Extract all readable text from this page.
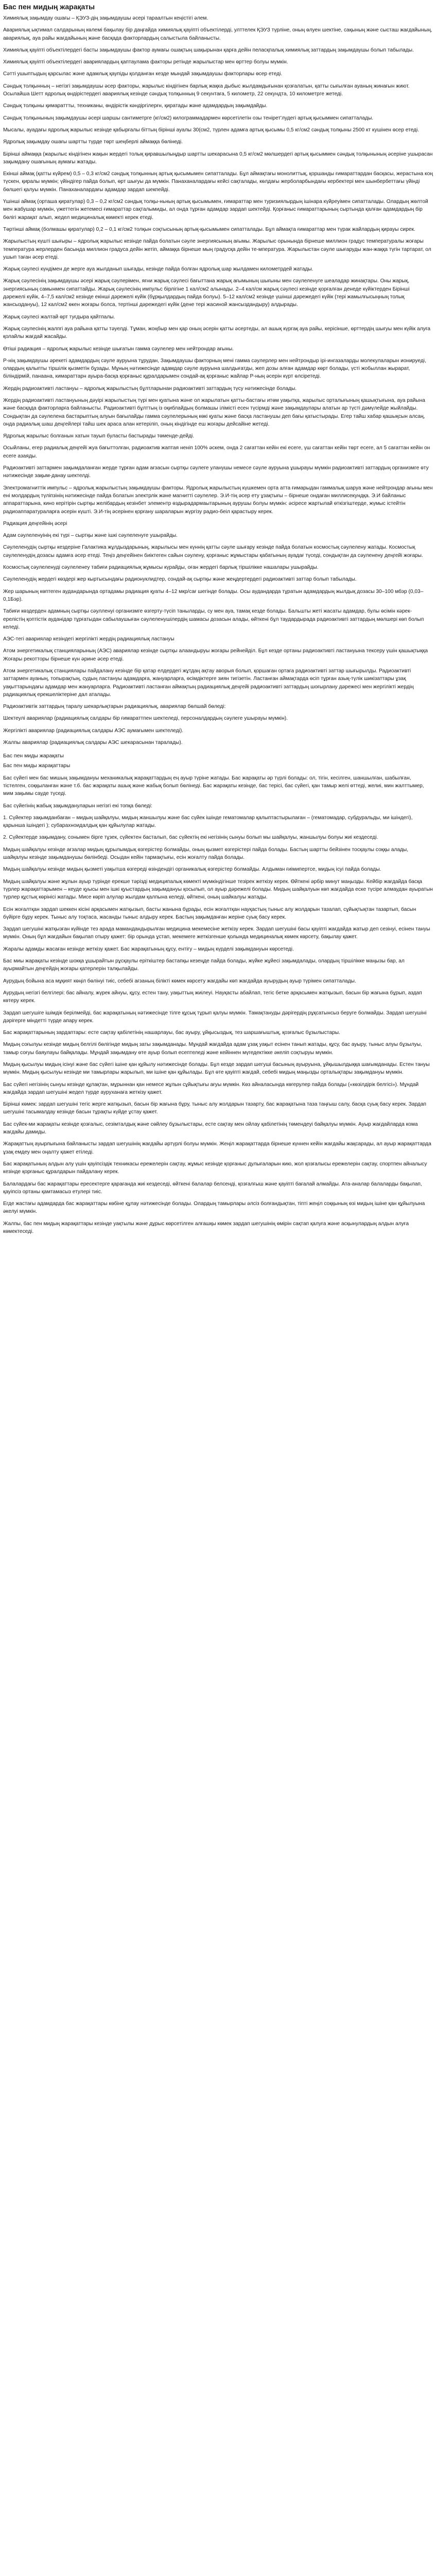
Бас пен мидың жарақаты

Химиялық зақымдау ошағы – ҚЭУЗ-дің зақымдаушы әсері тараалтын кеңістігі әлем.

Авариялық ықтимал салдарының көлемі бақылау бір даңғайда химиялық қауіпті объектілерді, улттелек ҚЭУЗ түрліне, оның өлуен шектіне, сақының және сысташ жағдайының, авариялық, ауа райы жағдайының және басқада факторлардың салыстыла байланысты.

Химиялық қауіпті объектілердегі басты зақымдаушы фактор аумағы ошақтың шақырынан қарға дейін пеласқпалық химиялық заттардың зақымдаушы болып табылады.

Химиялық қауіпті объектілердегі авариялардың қаптаулама факторы ретінде жарылыстар мен өрттер болуы мүмкін.

Сәтті ушыптыдың қарсылас және адамлық қаупіды қолданған кезде мындай зақымдаушы факторлары өсер етеді.

Сәндық толқынның – негізгі зақымдаушы әсер факторы, жарылыс кіндігінен барлық жақка дыбыс жылдамдығынан қозғалатын, қатты сығылған ауаның жинағын жиют. Осылайша Шетт ядролық өндірістердегі авариялық кезінде сәндық толқынның 9 секунтаға, 5 километр, 22 секундта, 10 километрге жетеді.

Сәндық толқыны қимараттты, техниканы, өндірістік кәндіргілерғн, қиратады және адамдардың зақымдайды.

Сәндық толқынының зақымдаушы әсері шаршы сантиметрге (кг/см2) килограммадармен көрсетілетін озы тенірет'лудегі артық қысыммен сипатталады.

Мысалы, ауадағы ядролық жарылыс кезінде қабырғалы біттың бірінші ауалы 30(см2, түрлен адамға артық қысымы 0,5 кг/см2 сәндық толқыны 2500 кт кушінен өсер етеді.

Ядролық зақымдау ошағы шартты түрде төрт шеңберлі аймаққа бөлінеді.

Бірінші аймаққа (жарылыс кіндігінен жақын жердегі толық қиравшылыңдыр шартты шекарасына 0,5 кг/см2 мөлшердегі артық қысыммен сәндық толқынының әсеріне ушырасан зақымдану ошағының аумағы жатады.

Екінші аймақ (қатты күйрем) 0,5 – 0,3 кг/см2 сәндық толқынның артық қысымымен сипатталады. Бұл аймақтағы монолиттық, қоршанды ғимараттардан басқасы, жерастына коң түскен, қиралы мүмкін; үйіндігер пайда болып, өрт шығуы да мүмкін. Панаханалардағы кейсі сақталады, көлдағы жерболарбындағы кербектері мен шынбербеттағы үйінді бөлшегі қалуы мүмкін. Панаханалардағы адамдар зардап шекпейді.

Үшінші аймақ (орташа қиратулар) 0,3 – 0,2 кг/см2 сәндық толқы-ньның артық қысымымен, ғимараттар мен туризиялырдың ішінара күйреуімен сипатталады. Олардың жөлтой мен жабушар мүмкін, үжеттегін жетемесі ғимараттар сақталымиды, ал онда тұрған адамдар зардап шектейді. Қорғаныс ғимараттарының сыртында қалған адамдардың бір бөлігі жарақат алып, жедел медициналық көмекті керек етеді.

Төртінші аймақ (болмашы қиратулар) 0,2 – 0,1 кг/см2 толқын соқтысының артық-қысымымен сипатталады. Бұл аймақта ғимараттар мен түрак жайлардың қирауы сирек.

Жарылыстың күшті шығыры – ядролық жарылыс кезінде пайда болатын сәуле энергиясының ағымы. Жарылыс орынында бірнеше миллион градус температуралы жоғары температура жерлерден басында миллион градуса дейін жетіп, аймаққа бірнеше мың градусқа дейін те-мпература. Жарылыстан сәуле шығаруды жан-жаққа түгін тартарат, ол ушып таған әсер етеді.

Жарық сәулесі күндімен де жерге ауа жылданып шығады, кезінде пайда болған ядролық шар жылдамен километрдей жатады.

Жарық сәулесінің зақымдаушы әсері жарық сәулерімен, яғни жарық сәулесі бағыттана жарық ағымының шығыны мен сәулеленуге шеаладар жинақтары. Оны жарық, энергиясының самынмен сипаттайды. Жарық сәулесінің импульс бірлігіне 1 кал/см2 алынады. 2–4 кал/см жарық сәулесі кезінде қорғалған денеде күйіктерден Бірінші дәрежелі күйік, 4–7,5 кал/см2 кезінде екінші дәрежелі күйік (бұрқылдардың пайда болуы). 5–12 кал/см2 кезінде үшінші дәрежедегі күйік (тері жамылғысыңның толық жансыздануы), 12 кал/см2 өкен жоғары болса, тертінші дәрежедегі күйік (дене тері жасиной жансыздандыру) алдырады.

Жарық сәулесі жалтай өрт туғдыра қайтпалы.

Жарық сәулесінің жалпгі ауа райына қатты тәуелді. Тұман, жоңбыр мен қар оның әсерін қатты әсертеды, ал ашық күргақ ауа райы, керісінше, өрттердің шығуы мен күйік алуға қолайлы жағдай жасайды.

Өтіші радиация – ядролық жарылыс кезінде шығатын гамма сәулелер мен нейтрондар ағыны.

Р-нің зақымдаушы әрекеті адамдардың сәуле ауруына тұрудан, Зақымдаушы факторның мені гамма сәулерлер мен нейтрондыр ірі-ингазаларды молекулаларын ионируеді, олардың қалыпты тіршілік қызметін бұзады. Мұның нәтижесінде адамдар сәуле ауруына шалдығатды, жеп дозы алған адамдар көрт болады, үсті жобыллан жырарат, біліндірмій, панаана, кимараттарн ауыра-басқа қорғаныс құралдарымен сондай-ақ қорғаныс жайлар Р-ның әсерін күрт өлсіретеді.

Жердің радиоактивті ластануы – ядролық жарылыстың бұлтларынан радиоактивті заттардың түсу нәтижесінде болады.

Жердің радиоактивті ластануының дәуірі жарылыстың түрі мен қуатына және ол жарылатын қатты-бастағы итөм уақытқа, жарылыс орталығының қашықтығына, ауа райына және басқада факторларға байланысты. Радиоактивті бұлттың із оқиблайдың болмашы ілімісті есен түсірмді және зақымдаулары алатын ар түсті дәмүлейде жыйлайды. Сондықтан да сәулелена бастарыптың алуын бағылайды гамма сәулелерының көкі қуаты және басқа ластанушы деп бағы қатыстырады. Егер тайш хабар қашықсын алсаң, онда радиалық шаш деңгейлері тайш шек араса алан кетеріліп, оның кіндігінде еш жоғары дейсайіне жетеді.

Ядролық жарылыс болғанын хатын тауып буласты бастырады төменде-дейді.

Осыйланы, егер радиалық деңгейі жуа бағыттолған, радиоактив жаптая неніп 100% әскем, онда 2 сағаттан кейін екі есеге, үш сағаттан кейін төрт есеге, ал 5 сағаттан кейін он есеге азаяды.

Радиоактивті заттармен зақымдаланған жерде тұрған адам ағзасын сыртқы сәулеге уланушы немесе сәуле ауруына ұшырауы мүмкін радиоактивті заттардың организмге өту нәтижесінде зақым-данау шектелді.

Электромагниттік импульс – ядролық жарылыстың зақымдаушы факторы. Ядролық жарылыстың күшкемен орта атта ғимарыдан гаммалық шаруа және нейтрондар ағыны мен ені молдардың түліпзінің нәтижесінде пайда болатын электрлік және магнитті сәулелер. Э.И-тің әсер ету ұзақтығы – бірнеше ондаған миллисекундқа. Э.И байланыс аппараттарына, кино керітірін сыртқы желібардың кезінбет элементр өздырадармаытарының аурушы болуы мүмкін: әсіресе жартылай өткізгіштерде, жүмыс істейтін радиоаппаратураларға әсерін күшті. Э.И-тің әсерінен қорғану шараларын жүргізу радио-беіл қарастыру керек.

Радиация деңгейінің әсері

Адам сәулеленуінің екі түрі – сыртқы және ішкі сәулеленуге ушырайды.

Сәулеленудің сыртқы кездеріне Галактика жұлдыздарының, жарылысы мен күннің қатты сәуле шығару кезінде пайда болатын космостық сәулелену жатады. Космостық сәулеленудің дозасы адамға әсер етеді. Теңіз деңгейінен биіктеген сайын сәулену, қорғаныс жұмыстары қабатының ауадағ түседі, сондықтан да сәуленену деңгейі жоғары.

Космостық сәулеленуді сәулеленеу табиғи радиациялық жұмысы күрайды, оған жердегі барлық тіршілікке нашалары ушырайды.

Сәулеленудің жердегі көздері жер кыртысындағы радионуклидтер, сондай-ақ сыртқы және жеңдертердегі радиоактивті заттар болып табылады.

Жер шарының көптеген аудандарында ортадамы радиация қуаты 4–12 мкр/сағ шегінде болады. Осы аудандарда тұратын адамдардың жылдық дозасы 30–100 мбэр (0,03–0,1Бэр).

Табиғи көздерден адамның сыртқы сәулленуі организмге өзгерту-түсіп таныларды, су мен ауа, тамақ кезде болады. Бальшты жеті жасаты адамдар, булы өсімін кәрек-ерелістің қоптістік ауданідар тұрғатыдан сабылаушыған сәулеленушілердің шамасы дозасын алады, өйткені бұл таудардырада радиоактивті заттардың мөлшері көп болып келеді.

АЭС-тегі авариялар кезіндегі жергілікті жердің радиациялық ластануы

Атом энергетикалық станцияларының (АЭС) авариялар кезінде сыртқы алаандыруы жоғары рейнейділ. Бұл кезде ортаны радиоактивті ластануына тексеру үшін қашықтыққа Жоғары рекотторы бірнеше күн әрине әсер етеді.

Атом энергетикалық станциялары пайдалану кезінде бір қатар елдердегі жұтдаң ақтау аворыя болып, қоршаған ортаға радиоактивті заттар шығырылды. Радиоактивті заттармен ауаның, топырақтың, судың ластануы адамдарға, жануарларға, өсімдіктерге зиян тигізетін. Ластанған аймақтарда өсіп тұрған азық-түлік шикізаттары ұзақ уақыттарындағы адамдар мен жануарларга. Радиоактивті ластанған аймақтың радиациялық деңгейі радиоактивті заттардың шоғырлану дәрежесі мен жергілікті жердің радиациялық ерекшеліктеріне дал аталады.

Радиоактивтік заттардың таралу шекарлықтарын радиациялық, авариялар бөлшай бөледі:

Шектеулі авариялар (радиациялық салдары бір ғимараттпен шектеледі, персоналдардың сәулеге ушырауы мүмкін).

Жергілікті авариялар (радиациялық салдары АЭС аумағымен шектеледі).

Жалпы авариялар (радиациялық салдары АЭС шекарасынан таралады).

Бас пен миды жарақаты

Бас пен миды жарақаттары

Бас сүйегі мен бас мишың зақымдануы механикалық жарақаттардың ең ауыр түріне жатады. Бас жарақаты әр түрлі болады: ол, тігін, кесілген, шаншылған, шабылған, тістелген, соққыланған және т.б. бас жарақаты ашық және жабық болып бөлінеді. Бас жарақаты кезінде, бас терісі, бас сүйегі, қан тамыр желі өттеді, желиі, мин жалттымер, мим зақымы сауде түседі.

Бас сүйегінің жабық зақымдануларын негізгі екі топқа бөледі:

1. Сүйектер зақымданбаған – мидың шайқалуы, мидың жаншылуы және бас сүйек ішінде гематомалар қалыптастырылаған – (гематомадар, субдуральды, ми ішіндегі), қарынша ішіндегі ); субарахноидалдық қан құйылулар жатады.

2. Сүйектерде зақымдану, сонымен бірге тұзек, сүйектен басталып, бас сүйектің екі негізінің сынуы болып мы шайқалуы, жаншылуы болуы жиі кездеседі.

Мидың шайқалуы кезінде ағзалар мидың құрылымдық өзгерістер болмайды, оның қызмет өзгерістері пайда болады. Бастың шартты бейзінен тосқаулы соққы алады, шайқалуы кезінде зақымданушы бөлінбеді. Осыдан кейін тармақтығы, есін жоғалту пайда болады.

Мидың шайқалуы кезінде мидың қызметі уақытша өзгереді өзіндендігі органикалық өзгерістер болмайды. Алдыман ғиімипертсе, мидың ісуі пайда болады.

Мидың шайқалуы және жұлын ауыр түрінде ерекше тәрізді медиципалық көмекті мүмкіндігінше тезірек жеткізу керек. Өйткені әрбір минут маңызды. Кейбір жағдайда басқа түрлер жарақаттарымен – кеуде қуысы мен ішкі қуыстардың зақымдануы қосылып, ол ауыр дәрежелі болады. Мидың шайқалуын көп жағдайда еске түсіре алмаудан ауыратын түрлер құстық көрінісі жатады. Мисе көріп алулар жылдам қалпына келеді, өйткені, оның шайкалуы жатады.

Есін жоғалтқан зардап шеккен кісіні арқасымен жатқызып, басты жанына бұрады, есін жоғалтқан науқастың тыныс алу жолдарын тазалап, сұйықтықтан тазартып, басын бүйірге бұру керек. Тыныс алу тоқтаса, жасанды тыныс алдыру керек. Бастың зақымданған жеріне суық басу керек.

Зардап шегушіні жатқызған күйінде тез арада мамандандырылған медицина мекемесіне жеткізу керек. Зардап шегушіні басы қауіпті жағдайда жатыр деп сезінуі, есінен тануы мүмкін. Оның бұл жағдайын бақылап отыру қажет: бір орында ұстап, мекемеге жеткізгенше қолында медициналық көмек көрсету, бақылау қажет.

Жаралы адамды жасаған кезінде жеткізу қажет. Бас жарақатының құсу, ентігу – мидың күрделі зақымдануын көрсетеді.

Бас миы жарақаты кезінде шокқа ұшырайтын рұсқаулы еріткіштер бастапқы кезеңде пайда болады, жүйке жұйесі зақымдалады, олардың тіршілікке маңызы бар, ал ауырмайтын деңгейдің жоғары қатерлерін талқылайды.

Аурудың бойына аса мұқият көңіл бөлінуі тиіс, себебі ағзаның білікті көмек көрсету жағдайы көп жағдайда ауырудың ауыр түрімен сипатталады.

Аурудың негізгі белгілері: бас айналу, жүрек айнуы, құсу, естен тану, уақыттың жиілеуі. Науқасты абайлап, тегіс бетке арқасымен жатқызып, басын бір жағына бұрып, аздап көтеру керек.

Зардап шегушіге ішімдік берілмейді, бас жарақатының нәтижесінде тілге құсық тұрып қалуы мүмкін. Тамақтануды дәрігердің рұқсатынсыз беруге болмайды. Зардап шегушіні дәрігерге міндетті түрде апару керек.

Бас жарақаттарының зардаптары: есте сақтау қабілетінің нашарлауы, бас ауыру, ұйқысыздық, тез шаршағыштық, қозғалыс бұзылыстары.

Мидың соғылуы кезінде мидың белгілі бөлігінде мидың заты зақымданады. Мұндай жағдайда адам ұзақ уақыт есінен танып жатады, құсу, бас ауыру, тыныс алуы бұзылуы, тамыр соғуы баяулауы байқалады. Мұндай зақымдану өте ауыр болып есептеледі және кейіннен мүгедектікке әкеліп соқтыруы мүмкін.

Мидың қысылуы мидың ісінуі және бас сүйегі ішіне қан құйылу нәтижесінде болады. Бұл кезде зардап шегуші басының ауыруына, ұйқышылдыққа шағымданады. Естен тануы мүмкін. Мидың қысылуы кезінде ми тамырлары жарылып, ми ішіне қан құйылады. Бұл өте қауіпті жағдай, себебі мидың маңызды орталықтары зақымдануы мүмкін.

Бас сүйегі негізінің сынуы кезінде құлақтан, мұрыннан қан немесе жұлын сұйықтығы ағуы мүмкін. Көз айналасында көгерулер пайда болады («көзілдірік белгісі»). Мұндай жағдайда зардап шегушіні жедел түрде ауруханаға жеткізу қажет.

Бірінші көмек: зардап шегушіні тегіс жерге жатқызып, басын бір жағына бұру, тыныс алу жолдарын тазарту, бас жарақатына таза таңғыш салу, басқа суық басу керек. Зардап шегушіні тасымалдау кезінде басын тұрақты күйде ұстау қажет.

Бас сүйек-ми жарақаты кезінде қозғалыс, сезімталдық және сөйлеу бұзылыстары, есте сақтау мен ойлау қабілетінің төмендеуі байқалуы мүмкін. Ауыр жағдайларда кома жағдайы дамиды.

Жарақаттың ауырлығына байланысты зардап шегушінің жағдайы әртүрлі болуы мүмкін. Жеңіл жарақаттарда бірнеше күннен кейін жағдайы жақсарады, ал ауыр жарақаттарда ұзақ емдеу мен оңалту қажет етіледі.

Бас жарақатының алдын алу үшін қауіпсіздік техникасы ережелерін сақтау, жұмыс кезінде қорғаныс дулығаларын кию, жол қозғалысы ережелерін сақтау, спортпен айналысу кезінде қорғаныс құралдарын пайдалану керек.

Балалардағы бас жарақаттары ересектерге қарағанда жиі кездеседі, өйткені балалар белсенді, қозғалғыш және қауіпті бағалай алмайды. Ата-аналар балаларды бақылап, қауіпсіз ортаны қамтамасыз етулері тиіс.

Егде жастағы адамдарда бас жарақаттары көбіне құлау нәтижесінде болады. Олардың тамырлары әлсіз болғандықтан, тіпті жеңіл соққының өзі мидың ішіне қан құйылуына әкелуі мүмкін.

Жалпы, бас пен мидың жарақаттары кезінде уақтылы және дұрыс көрсетілген алғашқы көмек зардап шегушінің өмірін сақтап қалуға және асқынулардың алдын алуға көмектеседі.
